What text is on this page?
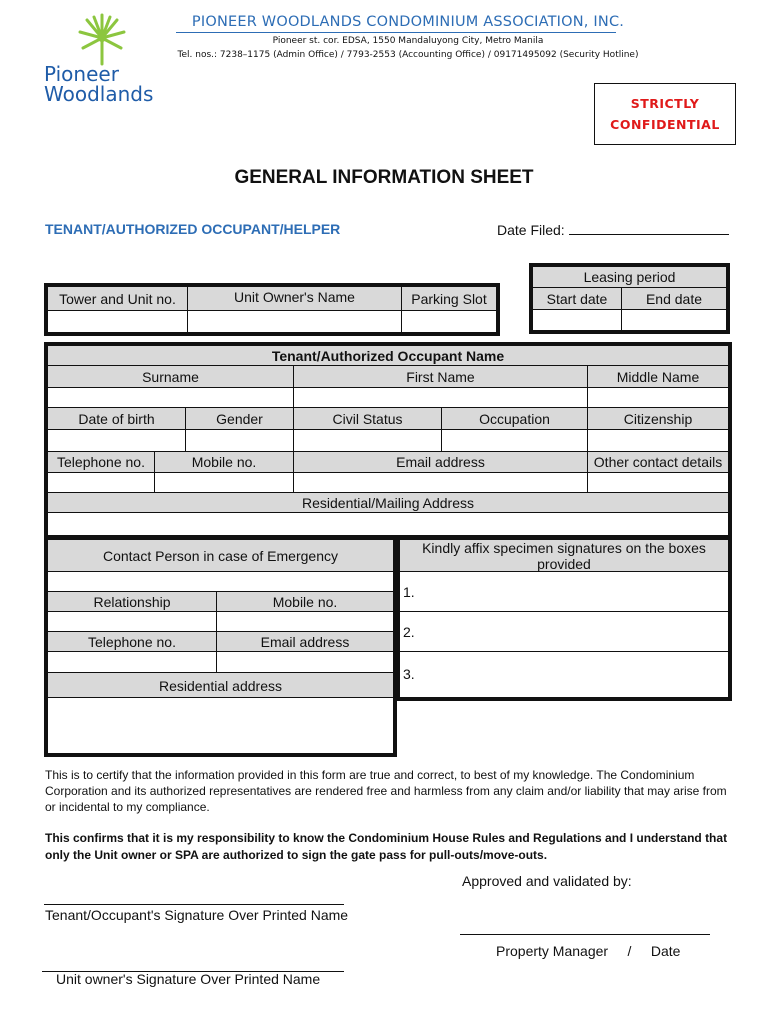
Pioneer
Woodlands
PIONEER WOODLANDS CONDOMINIUM ASSOCIATION, INC.
Pioneer st. cor. EDSA, 1550 Mandaluyong City, Metro Manila
Tel. nos.: 7238–1175 (Admin Office) / 7793-2553 (Accounting Office) / 09171495092 (Security Hotline)
STRICTLY
CONFIDENTIAL
GENERAL INFORMATION SHEET
TENANT/AUTHORIZED OCCUPANT/HELPER	Date Filed:
Tower and Unit no.	Unit Owner's Name	Parking Slot
Leasing period
Start date	End date
Tenant/Authorized Occupant Name
Surname	First Name	Middle Name
Date of birth	Gender	Civil Status	Occupation	Citizenship
Telephone no.	Mobile no.	Email address	Other contact details
Residential/Mailing Address
Contact Person in case of Emergency
Relationship	Mobile no.
Telephone no.	Email address
Residential address
Kindly affix specimen signatures on the boxes provided
1.
2.
3.
This is to certify that the information provided in this form are true and correct, to best of my knowledge. The Condominium Corporation and its authorized representatives are rendered free and harmless from any claim and/or liability that may arise from or incidental to my compliance.
This confirms that it is my responsibility to know the Condominium House Rules and Regulations and I understand that only the Unit owner or SPA are authorized to sign the gate pass for pull-outs/move-outs.
Approved and validated by:
Tenant/Occupant's Signature Over Printed Name
Property Manager     /     Date
Unit owner's Signature Over Printed Name
